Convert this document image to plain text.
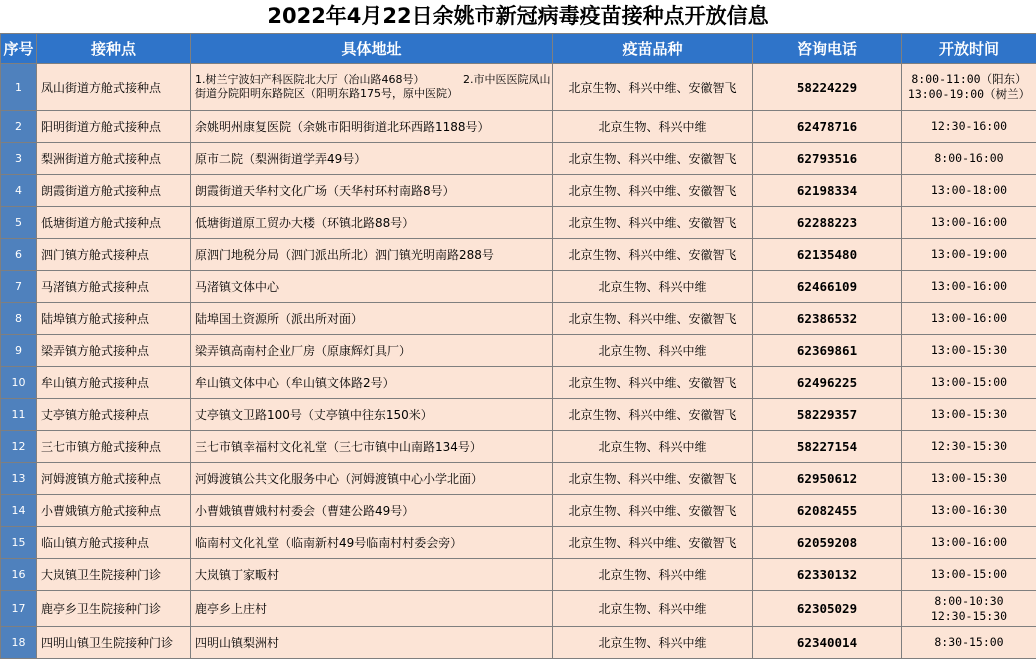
2022年4月22日余姚市新冠病毒疫苗接种点开放信息
序号	接种点	具体地址	疫苗品种	咨询电话	开放时间
1	凤山街道方舱式接种点	1.树兰宁波妇产科医院北大厅（冶山路468号）　　　　2.市中医医院凤山街道分院阳明东路院区（阳明东路175号，原中医院）	北京生物、科兴中维、安徽智飞	58224229	8:00-11:00（阳东）
13:00-19:00（树兰）

2	阳明街道方舱式接种点	余姚明州康复医院（余姚市阳明街道北环西路1188号）	北京生物、科兴中维	62478716	12:30-16:00

3	梨洲街道方舱式接种点	原市二院（梨洲街道学弄49号）	北京生物、科兴中维、安徽智飞	62793516	8:00-16:00

4	朗霞街道方舱式接种点	朗霞街道天华村文化广场（天华村环村南路8号）	北京生物、科兴中维、安徽智飞	62198334	13:00-18:00

5	低塘街道方舱式接种点	低塘街道原工贸办大楼（环镇北路88号）	北京生物、科兴中维、安徽智飞	62288223	13:00-16:00

6	泗门镇方舱式接种点	原泗门地税分局（泗门派出所北）泗门镇光明南路288号	北京生物、科兴中维、安徽智飞	62135480	13:00-19:00

7	马渚镇方舱式接种点	马渚镇文体中心	北京生物、科兴中维	62466109	13:00-16:00

8	陆埠镇方舱式接种点	陆埠国土资源所（派出所对面）	北京生物、科兴中维、安徽智飞	62386532	13:00-16:00

9	梁弄镇方舱式接种点	梁弄镇高南村企业厂房（原康辉灯具厂）	北京生物、科兴中维	62369861	13:00-15:30

10	牟山镇方舱式接种点	牟山镇文体中心（牟山镇文体路2号）	北京生物、科兴中维、安徽智飞	62496225	13:00-15:00

11	丈亭镇方舱式接种点	丈亭镇文卫路100号（丈亭镇中往东150米）	北京生物、科兴中维、安徽智飞	58229357	13:00-15:30

12	三七市镇方舱式接种点	三七市镇幸福村文化礼堂（三七市镇中山南路134号）	北京生物、科兴中维	58227154	12:30-15:30

13	河姆渡镇方舱式接种点	河姆渡镇公共文化服务中心（河姆渡镇中心小学北面）	北京生物、科兴中维、安徽智飞	62950612	13:00-15:30

14	小曹娥镇方舱式接种点	小曹娥镇曹娥村村委会（曹建公路49号）	北京生物、科兴中维、安徽智飞	62082455	13:00-16:30

15	临山镇方舱式接种点	临南村文化礼堂（临南新村49号临南村村委会旁）	北京生物、科兴中维、安徽智飞	62059208	13:00-16:00

16	大岚镇卫生院接种门诊	大岚镇丁家畈村	北京生物、科兴中维	62330132	13:00-15:00

17	鹿亭乡卫生院接种门诊	鹿亭乡上庄村	北京生物、科兴中维	62305029	8:00-10:30
12:30-15:30

18	四明山镇卫生院接种门诊	四明山镇梨洲村	北京生物、科兴中维	62340014	8:30-15:00
